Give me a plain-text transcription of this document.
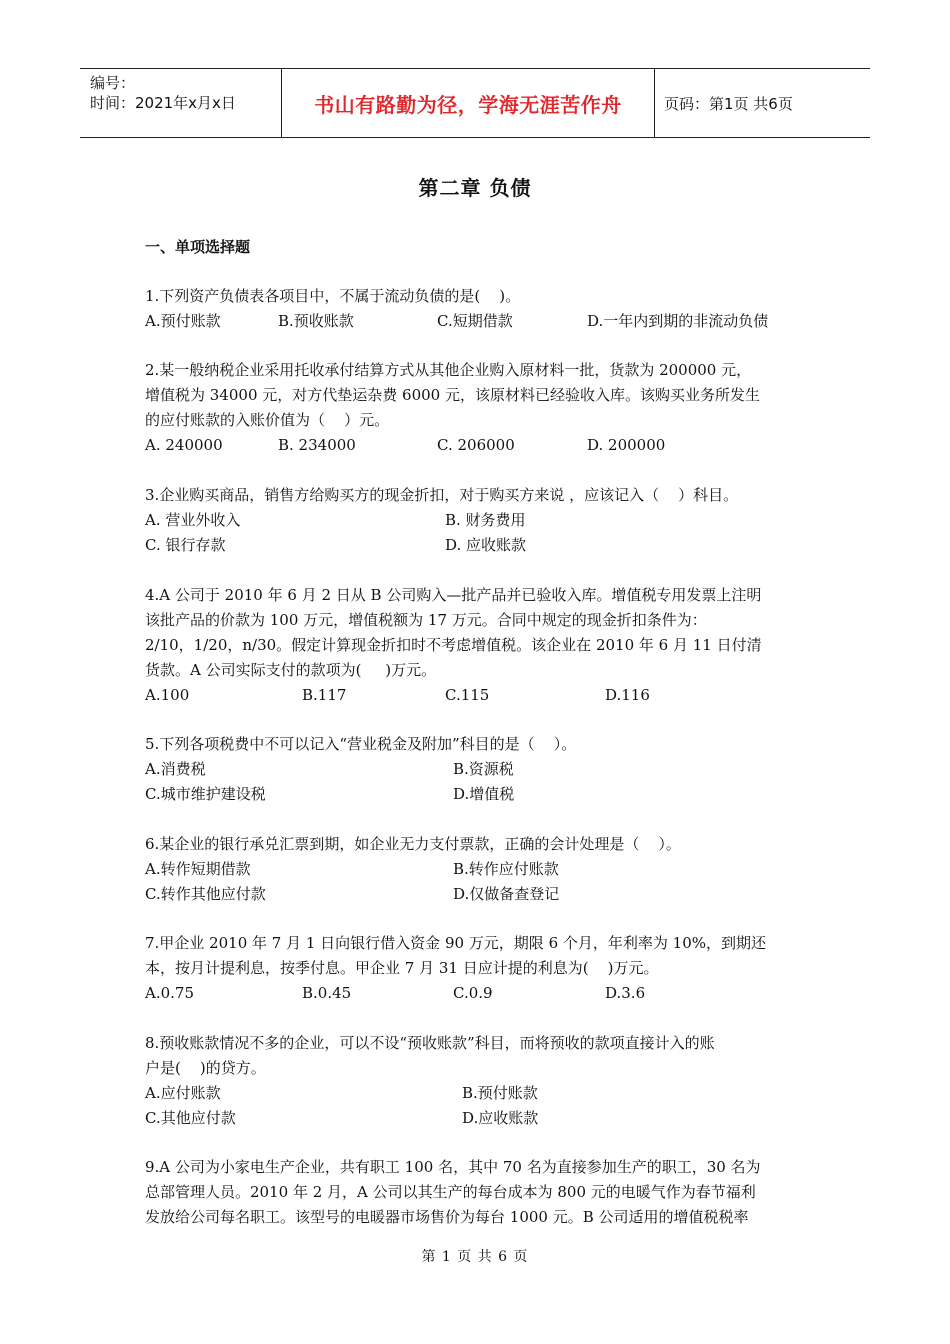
编号：
时间：2021年x月x日	书山有路勤为径，学海无涯苦作舟	页码：第1页 共6页
第二章 负债
一、单项选择题

1.下列资产负债表各项目中，不属于流动负债的是(    )。

A.预付账款	B.预收账款	C.短期借款	D.一年内到期的非流动负债

2.某一般纳税企业采用托收承付结算方式从其他企业购入原材料一批，货款为 200000 元，

增值税为 34000 元，对方代垫运杂费 6000 元，该原材料已经验收入库。该购买业务所发生

的应付账款的入账价值为（    ）元。

A. 240000	B. 234000	C. 206000	D. 200000

3.企业购买商品，销售方给购买方的现金折扣，对于购买方来说 ，应该记入（    ）科目。

A. 营业外收入	B. 财务费用
C. 银行存款	D. 应收账款

4.A 公司于 2010 年 6 月 2 日从 B 公司购入—批产品并已验收入库。增值税专用发票上注明

该批产品的价款为 100 万元，增值税额为 17 万元。合同中规定的现金折扣条件为：

2/10，1/20，n/30。假定计算现金折扣时不考虑增值税。该企业在 2010 年 6 月 11 日付清

货款。A 公司实际支付的款项为(     )万元。

A.100	B.117	C.115	D.116

5.下列各项税费中不可以记入“营业税金及附加”科目的是（    ）。

A.消费税	B.资源税
C.城市维护建设税	D.增值税

6.某企业的银行承兑汇票到期，如企业无力支付票款，正确的会计处理是（    ）。

A.转作短期借款	B.转作应付账款
C.转作其他应付款	D.仅做备查登记

7.甲企业 2010 年 7 月 1 日向银行借入资金 90 万元，期限 6 个月，年利率为 10%，到期还

本，按月计提利息，按季付息。甲企业 7 月 31 日应计提的利息为(    )万元。

A.0.75	B.0.45	C.0.9	D.3.6

8.预收账款情况不多的企业，可以不设“预收账款”科目，而将预收的款项直接计入的账

户是(    )的贷方。

A.应付账款	B.预付账款
C.其他应付款	D.应收账款

9.A 公司为小家电生产企业，共有职工 100 名，其中 70 名为直接参加生产的职工，30 名为

总部管理人员。2010 年 2 月，A 公司以其生产的每台成本为 800 元的电暖气作为春节福利

发放给公司每名职工。该型号的电暖器市场售价为每台 1000 元。B 公司适用的增值税税率

第 1 页 共 6 页
